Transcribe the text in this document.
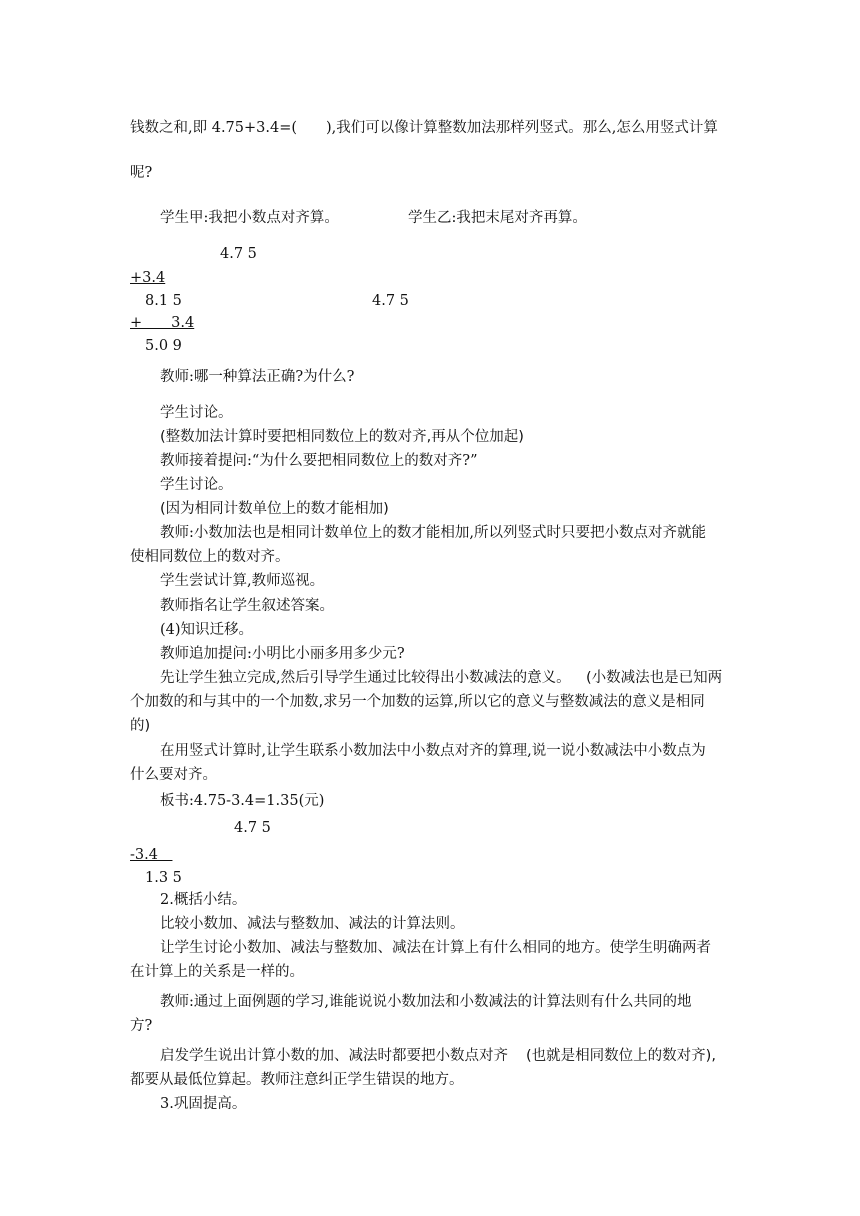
钱数之和,即 4.75+3.4=(　　),我们可以像计算整数加法那样列竖式。那么,怎么用竖式计算
呢?
学生甲:我把小数点对齐算。	学生乙:我把末尾对齐再算。
4.7 5
+3.4
8.1 5	4.7 5
+　　3.4
5.0 9
教师:哪一种算法正确?为什么?
学生讨论。
(整数加法计算时要把相同数位上的数对齐,再从个位加起)
教师接着提问:“为什么要把相同数位上的数对齐?”
学生讨论。
(因为相同计数单位上的数才能相加)
教师:小数加法也是相同计数单位上的数才能相加,所以列竖式时只要把小数点对齐就能
使相同数位上的数对齐。
学生尝试计算,教师巡视。
教师指名让学生叙述答案。
(4)知识迁移。
教师追加提问:小明比小丽多用多少元?
先让学生独立完成,然后引导学生通过比较得出小数减法的意义。 (小数减法也是已知两
个加数的和与其中的一个加数,求另一个加数的运算,所以它的意义与整数减法的意义是相同
的)
在用竖式计算时,让学生联系小数加法中小数点对齐的算理,说一说小数减法中小数点为
什么要对齐。
板书:4.75-3.4=1.35(元)
4.7 5
-3.4　
1.3 5
2.概括小结。
比较小数加、减法与整数加、减法的计算法则。
让学生讨论小数加、减法与整数加、减法在计算上有什么相同的地方。使学生明确两者
在计算上的关系是一样的。
教师:通过上面例题的学习,谁能说说小数加法和小数减法的计算法则有什么共同的地
方?
启发学生说出计算小数的加、减法时都要把小数点对齐 (也就是相同数位上的数对齐),
都要从最低位算起。教师注意纠正学生错误的地方。
3.巩固提高。
